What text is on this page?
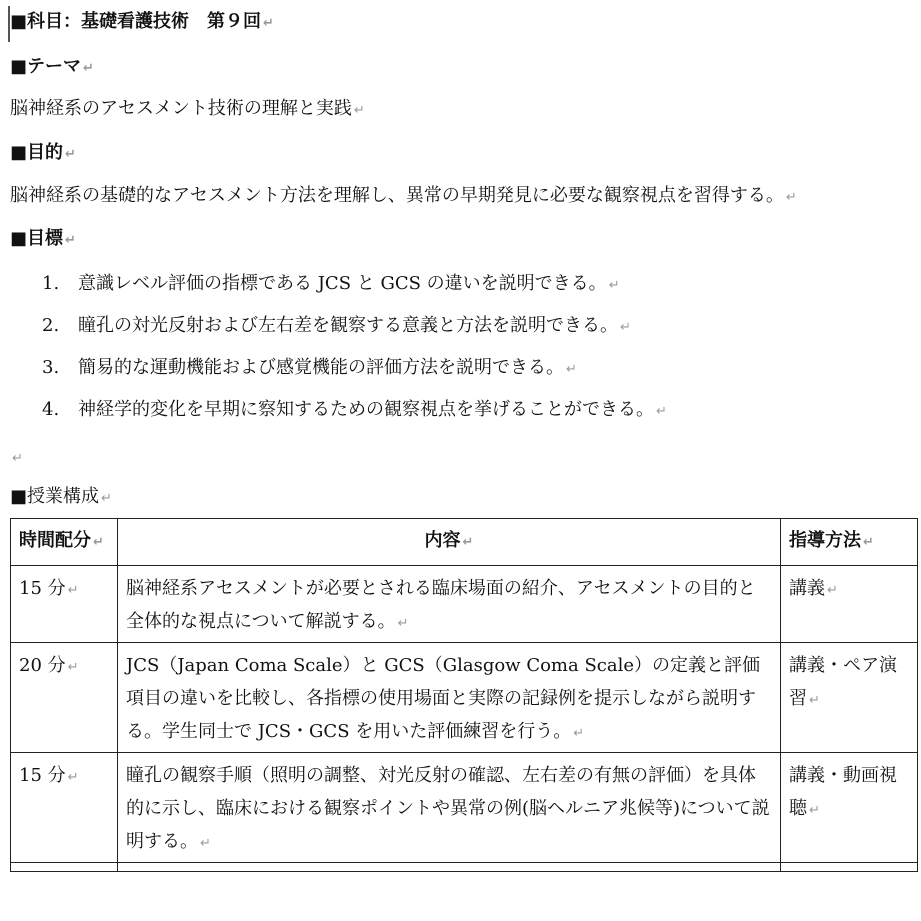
■科目：基礎看護技術　第９回 ↵
■テーマ ↵
脳神経系のアセスメント技術の理解と実践 ↵
■目的 ↵
脳神経系の基礎的なアセスメント方法を理解し、異常の早期発見に必要な観察視点を習得する。 ↵
■目標 ↵
1. 意識レベル評価の指標である JCS と GCS の違いを説明できる。 ↵
2. 瞳孔の対光反射および左右差を観察する意義と方法を説明できる。 ↵
3. 簡易的な運動機能および感覚機能の評価方法を説明できる。 ↵
4. 神経学的変化を早期に察知するための観察視点を挙げることができる。 ↵
↵
■授業構成 ↵
時間配分 ↵	内容 ↵	指導方法 ↵
15 分 ↵	脳神経系アセスメントが必要とされる臨床場面の紹介、アセスメントの目的と全体的な視点について解説する。 ↵	講義 ↵
20 分 ↵	JCS（Japan Coma Scale）と GCS（Glasgow Coma Scale）の定義と評価項目の違いを比較し、各指標の使用場面と実際の記録例を提示しながら説明する。学生同士で JCS・GCS を用いた評価練習を行う。 ↵	講義・ペア演習 ↵
15 分 ↵	瞳孔の観察手順（照明の調整、対光反射の確認、左右差の有無の評価）を具体的に示し、臨床における観察ポイントや異常の例(脳ヘルニア兆候等)について説明する。 ↵	講義・動画視聴 ↵
